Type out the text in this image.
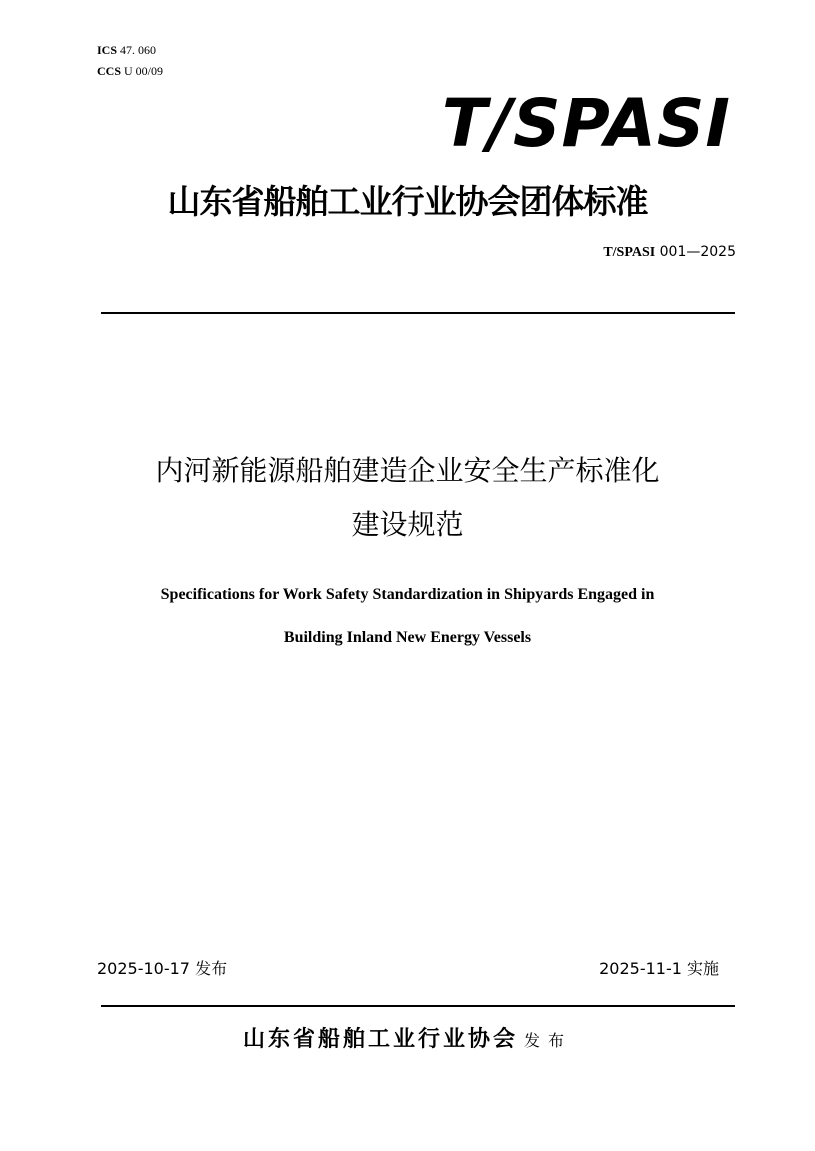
ICS 47. 060
CCS U 00/09
T/SPASI
山东省船舶工业行业协会团体标准
T/SPASI 001—2025
内河新能源船舶建造企业安全生产标准化
建设规范
Specifications for Work Safety Standardization in Shipyards Engaged in
Building Inland New Energy Vessels
2025-10-17 发布	2025-11-1 实施
山东省船舶工业行业协会 发布
